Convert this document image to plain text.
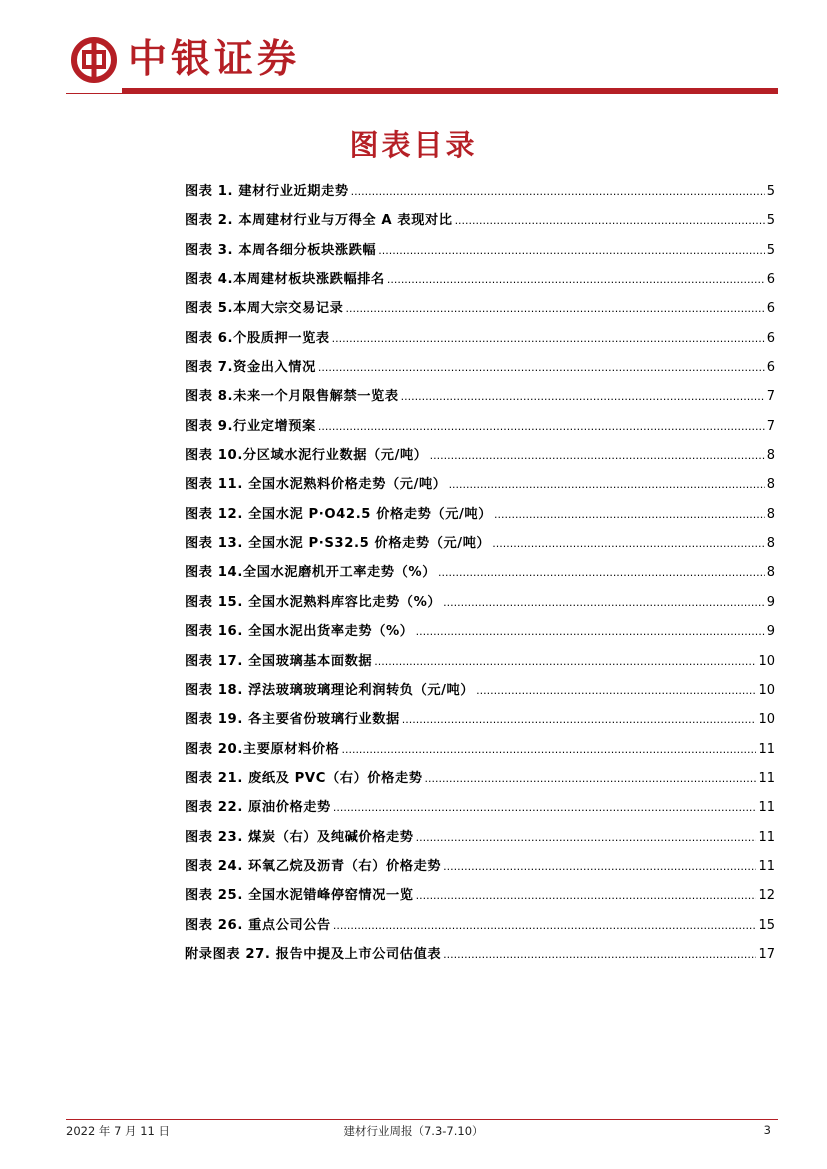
中银证券
图表目录
图表 1. 建材行业近期走势 .....	5
图表 2. 本周建材行业与万得全 A 表现对比 .....	5
图表 3. 本周各细分板块涨跌幅 .....	5
图表 4.本周建材板块涨跌幅排名 .....	6
图表 5.本周大宗交易记录 .....	6
图表 6.个股质押一览表 .....	6
图表 7.资金出入情况 .....	6
图表 8.未来一个月限售解禁一览表 .....	7
图表 9.行业定增预案 .....	7
图表 10.分区域水泥行业数据（元/吨） .....	8
图表 11. 全国水泥熟料价格走势（元/吨） .....	8
图表 12. 全国水泥 P·O42.5 价格走势（元/吨） .....	8
图表 13. 全国水泥 P·S32.5 价格走势（元/吨） .....	8
图表 14.全国水泥磨机开工率走势（%） .....	8
图表 15. 全国水泥熟料库容比走势（%） .....	9
图表 16. 全国水泥出货率走势（%） .....	9
图表 17. 全国玻璃基本面数据 .....	10
图表 18. 浮法玻璃玻璃理论利润转负（元/吨） .....	10
图表 19. 各主要省份玻璃行业数据 .....	10
图表 20.主要原材料价格 .....	11
图表 21. 废纸及 PVC（右）价格走势 .....	11
图表 22. 原油价格走势 .....	11
图表 23. 煤炭（右）及纯碱价格走势 .....	11
图表 24. 环氧乙烷及沥青（右）价格走势 .....	11
图表 25. 全国水泥错峰停窑情况一览 .....	12
图表 26. 重点公司公告 .....	15
附录图表 27. 报告中提及上市公司估值表 .....	17
2022 年 7 月 11 日	建材行业周报（7.3-7.10）	3
